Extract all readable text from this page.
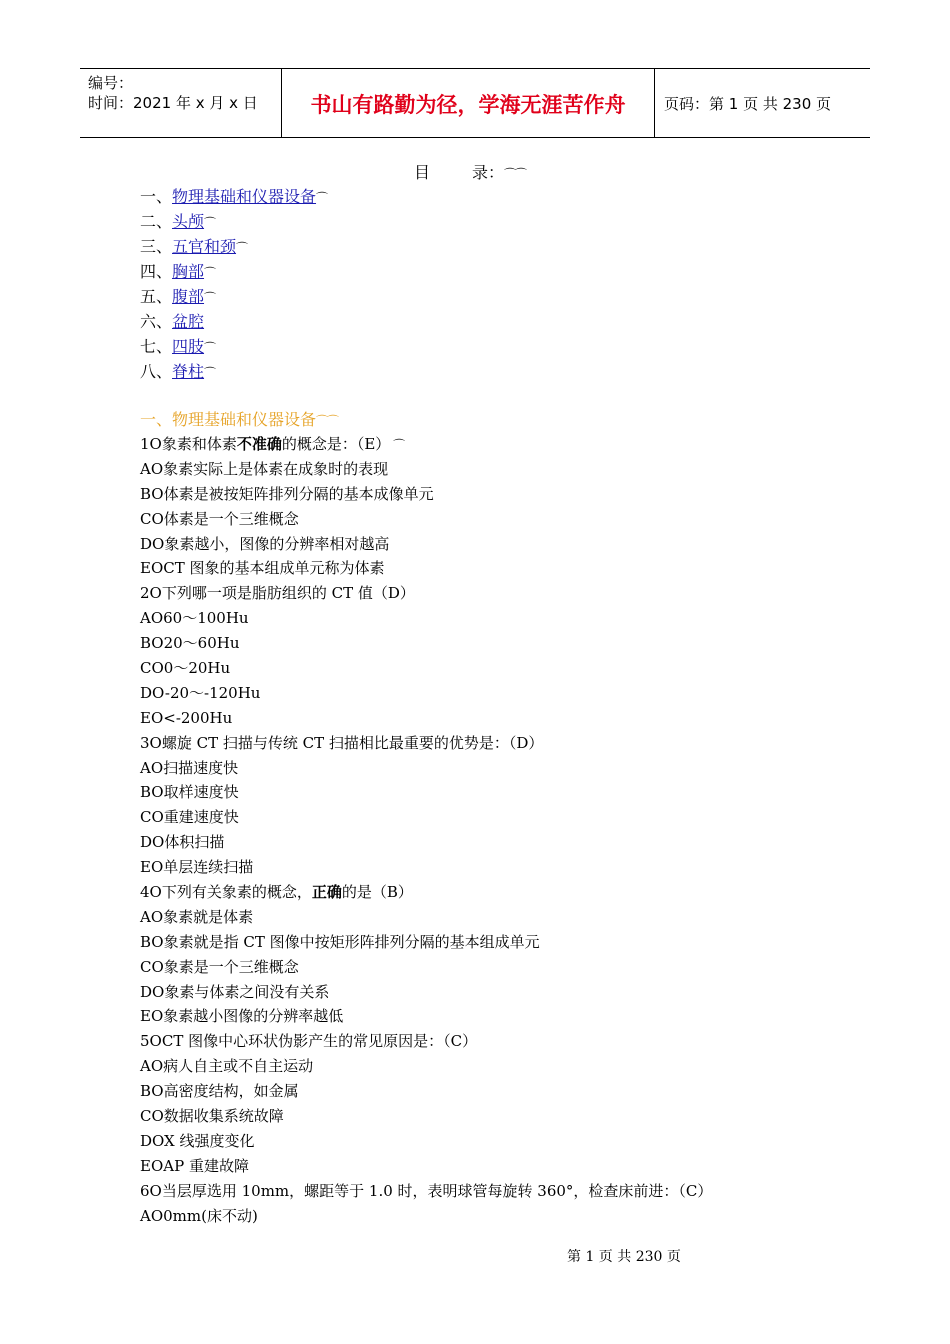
编号：
时间：2021 年 x 月 x 日	书山有路勤为径，学海无涯苦作舟	页码：第 1 页 共 230 页
目	录：⌒⌒
一、物理基础和仪器设备⌒
二、头颅⌒
三、五官和颈⌒
四、胸部⌒
五、腹部⌒
六、盆腔
七、四肢⌒
八、脊柱⌒
一、物理基础和仪器设备⌒⌒
1O象素和体素不准确的概念是：（E） ⌒
AO象素实际上是体素在成象时的表现
BO体素是被按矩阵排列分隔的基本成像单元
CO体素是一个三维概念
DO象素越小，图像的分辨率相对越高
EOCT 图象的基本组成单元称为体素
2O下列哪一项是脂肪组织的 CT 值（D）
AO60～100Hu
BO20～60Hu
CO0～20Hu
DO-20～-120Hu
EO<-200Hu
3O螺旋 CT 扫描与传统 CT 扫描相比最重要的优势是：（D）
AO扫描速度快
BO取样速度快
CO重建速度快
DO体积扫描
EO单层连续扫描
4O下列有关象素的概念，正确的是（B）
AO象素就是体素
BO象素就是指 CT 图像中按矩形阵排列分隔的基本组成单元
CO象素是一个三维概念
DO象素与体素之间没有关系
EO象素越小图像的分辨率越低
5OCT 图像中心环状伪影产生的常见原因是：（C）
AO病人自主或不自主运动
BO高密度结构，如金属
CO数据收集系统故障
DOX 线强度变化
EOAP 重建故障
6O当层厚选用 10mm，螺距等于 1.0 时，表明球管每旋转 360°，检查床前进：（C）
AO0mm(床不动)
第 1 页 共 230 页
